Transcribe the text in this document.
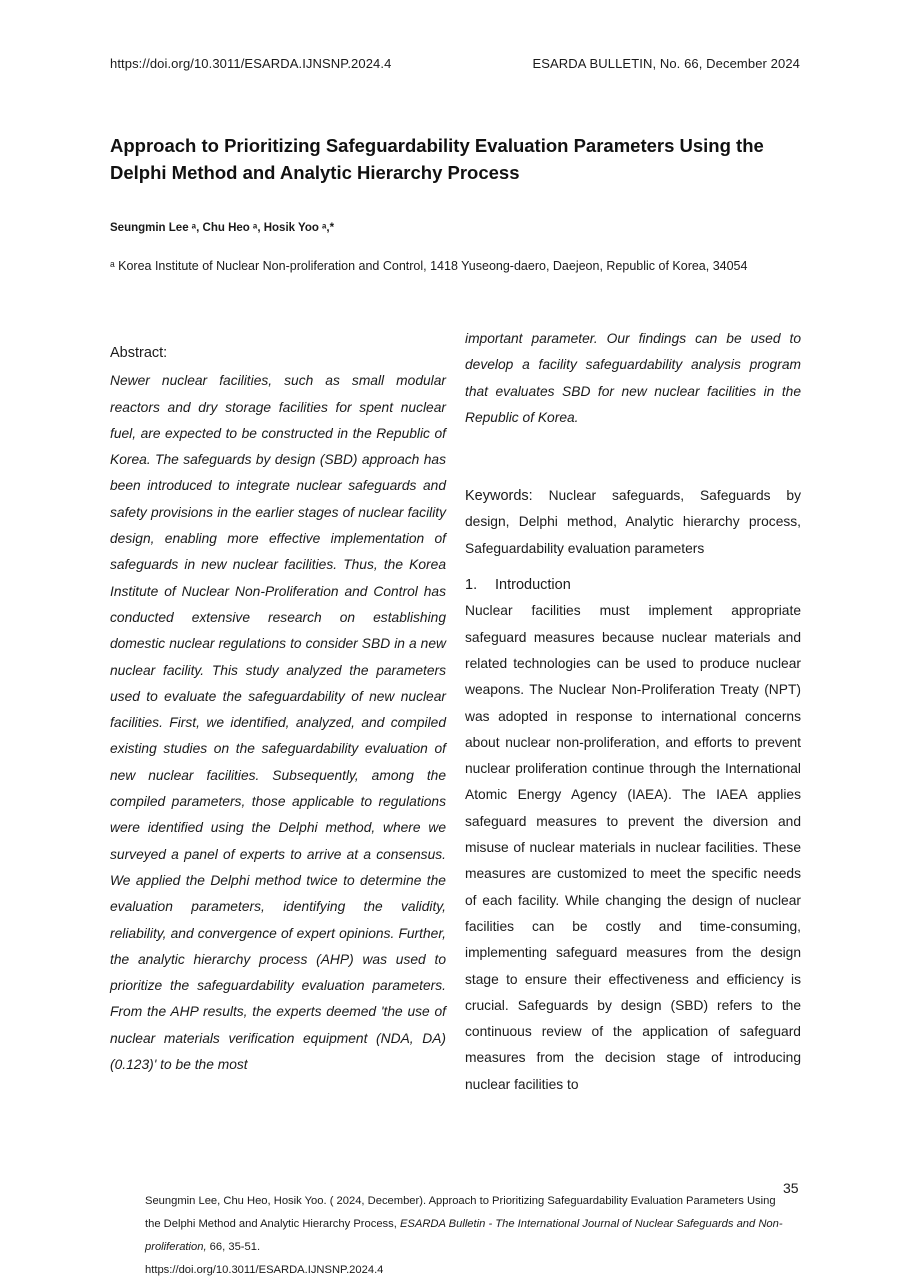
https://doi.org/10.3011/ESARDA.IJNSNP.2024.4	ESARDA BULLETIN, No. 66, December 2024
Approach to Prioritizing Safeguardability Evaluation Parameters Using the Delphi Method and Analytic Hierarchy Process
Seungmin Lee ᵃ, Chu Heo ᵃ, Hosik Yoo ᵃ,*
ᵃ Korea Institute of Nuclear Non-proliferation and Control, 1418 Yuseong-daero, Daejeon, Republic of Korea, 34054
Abstract:
Newer nuclear facilities, such as small modular reactors and dry storage facilities for spent nuclear fuel, are expected to be constructed in the Republic of Korea. The safeguards by design (SBD) approach has been introduced to integrate nuclear safeguards and safety provisions in the earlier stages of nuclear facility design, enabling more effective implementation of safeguards in new nuclear facilities. Thus, the Korea Institute of Nuclear Non-Proliferation and Control has conducted extensive research on establishing domestic nuclear regulations to consider SBD in a new nuclear facility. This study analyzed the parameters used to evaluate the safeguardability of new nuclear facilities. First, we identified, analyzed, and compiled existing studies on the safeguardability evaluation of new nuclear facilities. Subsequently, among the compiled parameters, those applicable to regulations were identified using the Delphi method, where we surveyed a panel of experts to arrive at a consensus. We applied the Delphi method twice to determine the evaluation parameters, identifying the validity, reliability, and convergence of expert opinions. Further, the analytic hierarchy process (AHP) was used to prioritize the safeguardability evaluation parameters. From the AHP results, the experts deemed 'the use of nuclear materials verification equipment (NDA, DA) (0.123)' to be the most
important parameter. Our findings can be used to develop a facility safeguardability analysis program that evaluates SBD for new nuclear facilities in the Republic of Korea.
Keywords: Nuclear safeguards, Safeguards by design, Delphi method, Analytic hierarchy process, Safeguardability evaluation parameters
1. Introduction
Nuclear facilities must implement appropriate safeguard measures because nuclear materials and related technologies can be used to produce nuclear weapons. The Nuclear Non-Proliferation Treaty (NPT) was adopted in response to international concerns about nuclear non-proliferation, and efforts to prevent nuclear proliferation continue through the International Atomic Energy Agency (IAEA). The IAEA applies safeguard measures to prevent the diversion and misuse of nuclear materials in nuclear facilities. These measures are customized to meet the specific needs of each facility. While changing the design of nuclear facilities can be costly and time-consuming, implementing safeguard measures from the design stage to ensure their effectiveness and efficiency is crucial. Safeguards by design (SBD) refers to the continuous review of the application of safeguard measures from the decision stage of introducing nuclear facilities to
Seungmin Lee, Chu Heo, Hosik Yoo. ( 2024, December). Approach to Prioritizing Safeguardability Evaluation Parameters Using the Delphi Method and Analytic Hierarchy Process, ESARDA Bulletin - The International Journal of Nuclear Safeguards and Non-proliferation, 66, 35-51.
https://doi.org/10.3011/ESARDA.IJNSNP.2024.4
35
